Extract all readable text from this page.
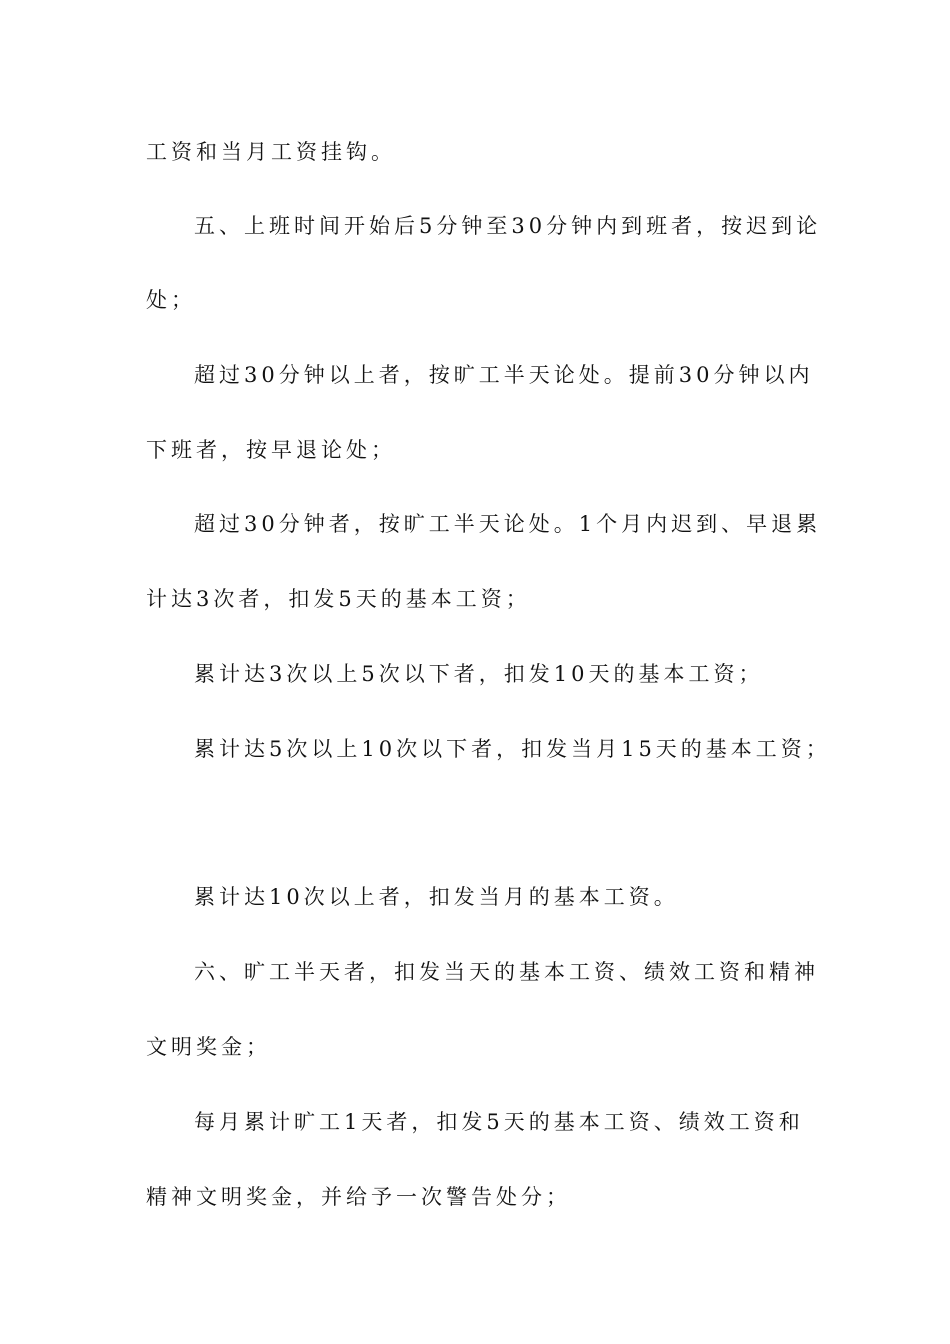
工资和当月工资挂钩。
五、上班时间开始后5分钟至30分钟内到班者，按迟到论
处；
超过30分钟以上者，按旷工半天论处。提前30分钟以内
下班者，按早退论处；
超过30分钟者，按旷工半天论处。1个月内迟到、早退累
计达3次者，扣发5天的基本工资；
累计达3次以上5次以下者，扣发10天的基本工资；
累计达5次以上10次以下者，扣发当月15天的基本工资；
累计达10次以上者，扣发当月的基本工资。
六、旷工半天者，扣发当天的基本工资、绩效工资和精神
文明奖金；
每月累计旷工1天者，扣发5天的基本工资、绩效工资和
精神文明奖金，并给予一次警告处分；
